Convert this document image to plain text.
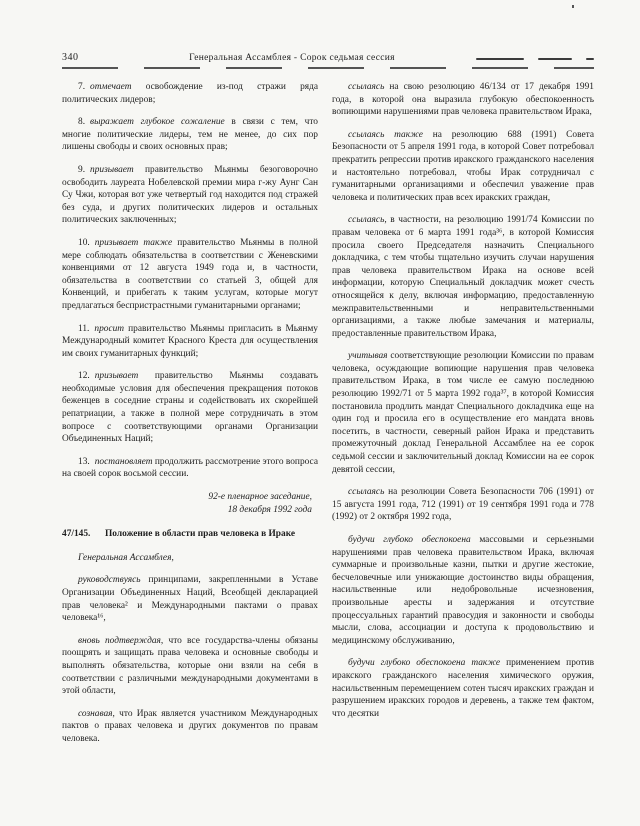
340	Генеральная Ассамблея - Сорок седьмая сессия

7. отмечает освобождение из-под стражи ряда политических лидеров;

8. выражает глубокое сожаление в связи с тем, что многие политические лидеры, тем не менее, до сих пор лишены свободы и своих основных прав;

9. призывает правительство Мьянмы безоговорочно освободить лауреата Нобелевской премии мира г-жу Аунг Сан Су Чжи, которая вот уже четвертый год находится под стражей без суда, и других политических лидеров и остальных политических заключенных;

10. призывает также правительство Мьянмы в полной мере соблюдать обязательства в соответствии с Женевскими конвенциями от 12 августа 1949 года и, в частности, обязательства в соответствии со статьей 3, общей для Конвенций, и прибегать к таким услугам, которые могут предлагаться беспристрастными гуманитарными органами;

11. просит правительство Мьянмы пригласить в Мьянму Международный комитет Красного Креста для осуществления им своих гуманитарных функций;

12. призывает правительство Мьянмы создавать необходимые условия для обеспечения прекращения потоков беженцев в соседние страны и содействовать их скорейшей репатриации, а также в полной мере сотрудничать в этом вопросе с соответствующими органами Организации Объединенных Наций;

13. постановляет продолжить рассмотрение этого вопроса на своей сорок восьмой сессии.

92-е пленарное заседание,
18 декабря 1992 года

47/145.	Положение в области прав человека в Ираке

Генеральная Ассамблея,

руководствуясь принципами, закрепленными в Уставе Организации Объединенных Наций, Всеобщей декларацией прав человека² и Международными пактами о правах человека¹⁶,

вновь подтверждая, что все государства-члены обязаны поощрять и защищать права человека и основные свободы и выполнять обязательства, которые они взяли на себя в соответствии с различными международными документами в этой области,

сознавая, что Ирак является участником Международных пактов о правах человека и других документов по правам человека.

ссылаясь на свою резолюцию 46/134 от 17 декабря 1991 года, в которой она выразила глубокую обеспокоенность вопиющими нарушениями прав человека правительством Ирака,

ссылаясь также на резолюцию 688 (1991) Совета Безопасности от 5 апреля 1991 года, в которой Совет потребовал прекратить репрессии против иракского гражданского населения и настоятельно потребовал, чтобы Ирак сотрудничал с гуманитарными организациями и обеспечил уважение прав человека и политических прав всех иракских граждан,

ссылаясь, в частности, на резолюцию 1991/74 Комиссии по правам человека от 6 марта 1991 года³⁶, в которой Комиссия просила своего Председателя назначить Специального докладчика, с тем чтобы тщательно изучить случаи нарушения прав человека правительством Ирака на основе всей информации, которую Специальный докладчик может счесть относящейся к делу, включая информацию, предоставленную межправительственными и неправительственными организациями, а также любые замечания и материалы, предоставленные правительством Ирака,

учитывая соответствующие резолюции Комиссии по правам человека, осуждающие вопиющие нарушения прав человека правительством Ирака, в том числе ее самую последнюю резолюцию 1992/71 от 5 марта 1992 года³⁷, в которой Комиссия постановила продлить мандат Специального докладчика еще на один год и просила его в осуществление его мандата вновь посетить, в частности, северный район Ирака и представить промежуточный доклад Генеральной Ассамблее на ее сорок седьмой сессии и заключительный доклад Комиссии на ее сорок девятой сессии,

ссылаясь на резолюции Совета Безопасности 706 (1991) от 15 августа 1991 года, 712 (1991) от 19 сентября 1991 года и 778 (1992) от 2 октября 1992 года,

будучи глубоко обеспокоена массовыми и серьезными нарушениями прав человека правительством Ирака, включая суммарные и произвольные казни, пытки и другие жестокие, бесчеловечные или унижающие достоинство виды обращения, насильственные или недобровольные исчезновения, произвольные аресты и задержания и отсутствие процессуальных гарантий правосудия и законности и свободы мысли, слова, ассоциации и доступа к продовольствию и медицинскому обслуживанию,

будучи глубоко обеспокоена также применением против иракского гражданского населения химического оружия, насильственным перемещением сотен тысяч иракских граждан и разрушением иракских городов и деревень, а также тем фактом, что десятки
